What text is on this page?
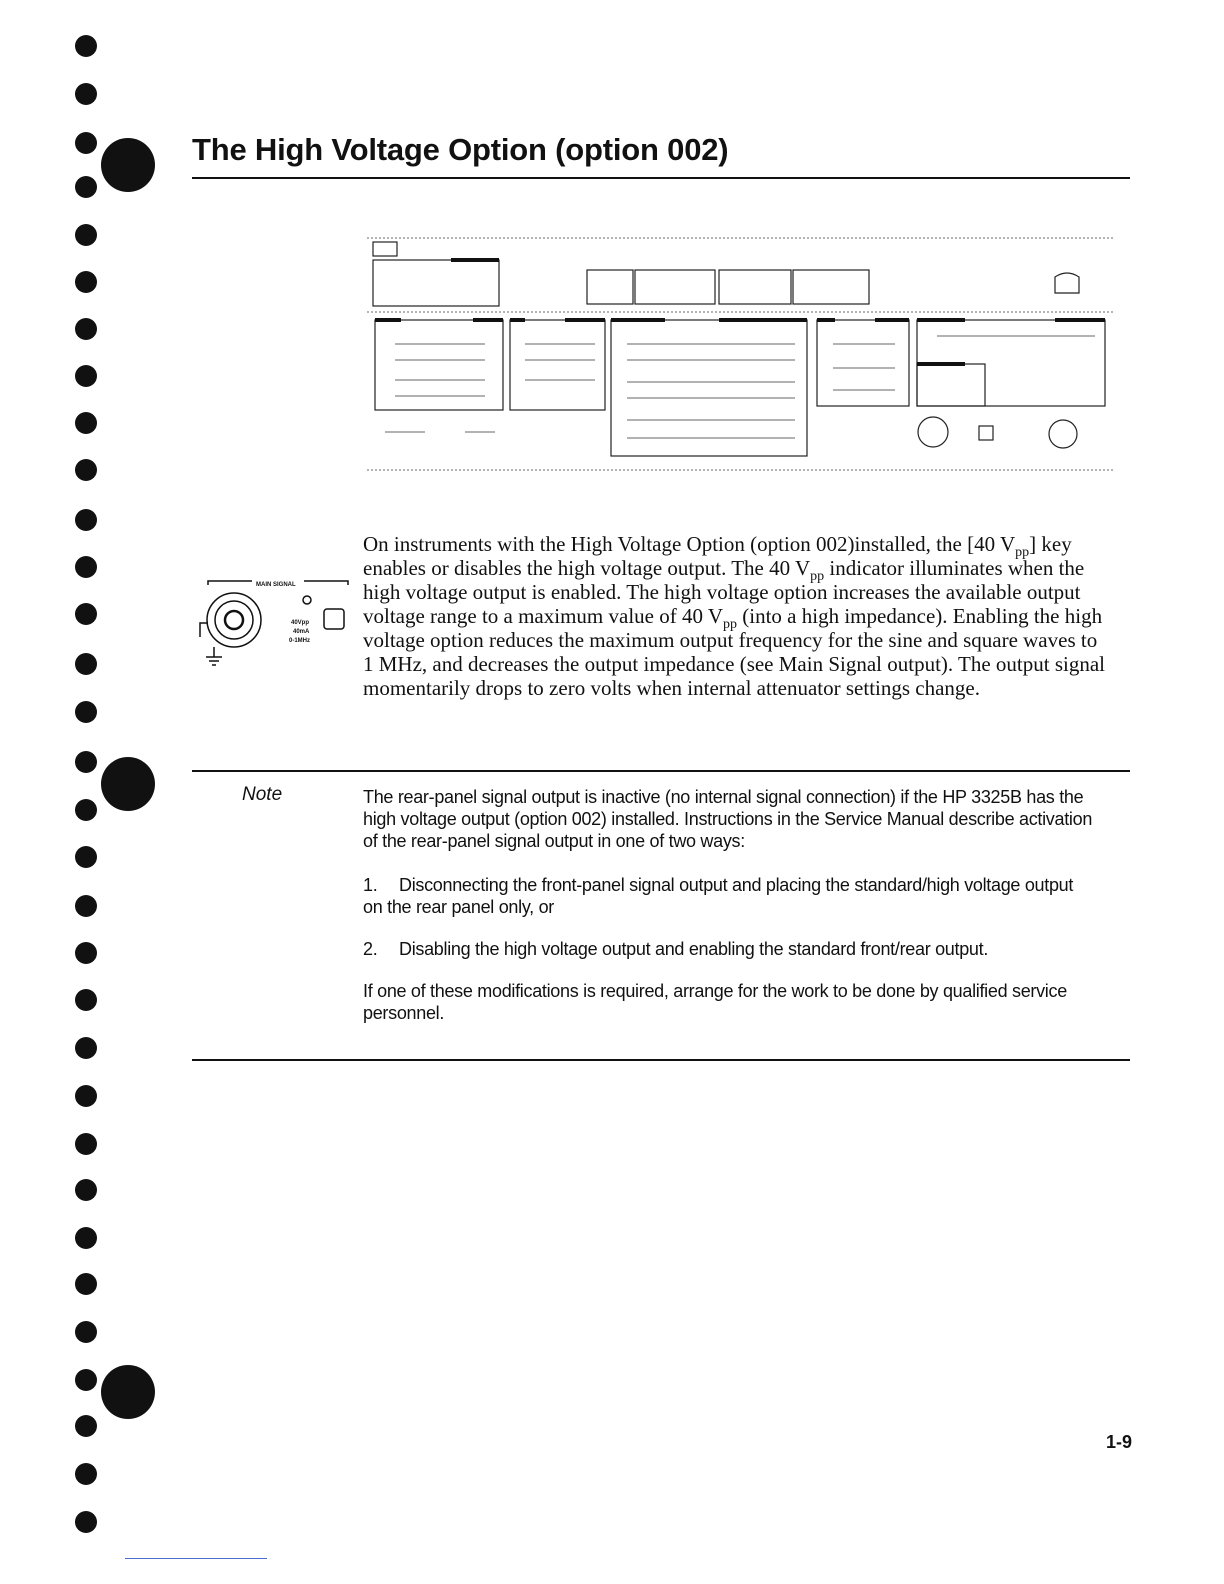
The High Voltage Option (option 002)
MAIN SIGNAL
40Vpp
40mA
0-1MHz

On instruments with the High Voltage Option (option 002)installed, the [40 $V_{pp}$] key enables or disables the high voltage output. The 40 $V_{pp}$ indicator illuminates when the high voltage output is enabled. The high voltage option increases the available output voltage range to a maximum value of 40 $V_{pp}$ (into a high impedance). Enabling the high voltage option reduces the maximum output frequency for the sine and square waves to 1 MHz, and decreases the output impedance (see Main Signal output). The output signal momentarily drops to zero volts when internal attenuator settings change.

Note	The rear-panel signal output is inactive (no internal signal connection) if the HP 3325B has the high voltage output (option 002) installed. Instructions in the Service Manual describe activation of the rear-panel signal output in one of two ways:

1. Disconnecting the front-panel signal output and placing the standard/high voltage output on the rear panel only, or

2. Disabling the high voltage output and enabling the standard front/rear output.

If one of these modifications is required, arrange for the work to be done by qualified service personnel.

1-9
